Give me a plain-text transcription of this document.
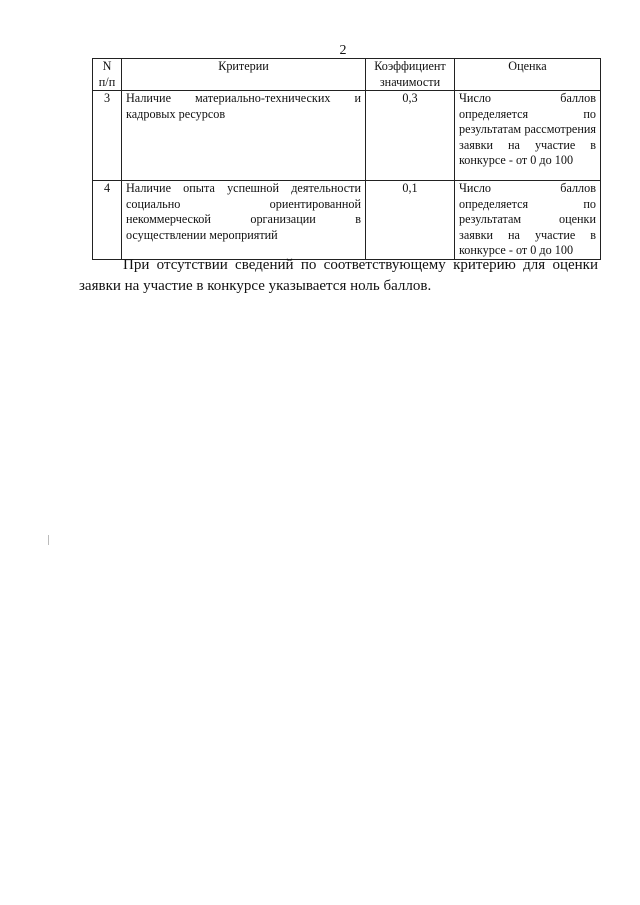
2
N п/п	Критерии	Коэффициент значимости	Оценка
3	Наличие материально-технических и кадровых ресурсов	0,3	Число баллов определяется по результатам рассмотрения заявки на участие в конкурсе - от 0 до 100
4	Наличие опыта успешной деятельности социально ориентированной некоммерческой организации в осуществлении мероприятий	0,1	Число баллов определяется по результатам оценки заявки на участие в конкурсе - от 0 до 100
При отсутствии сведений по соответствующему критерию для оценки заявки на участие в конкурсе указывается ноль баллов.
